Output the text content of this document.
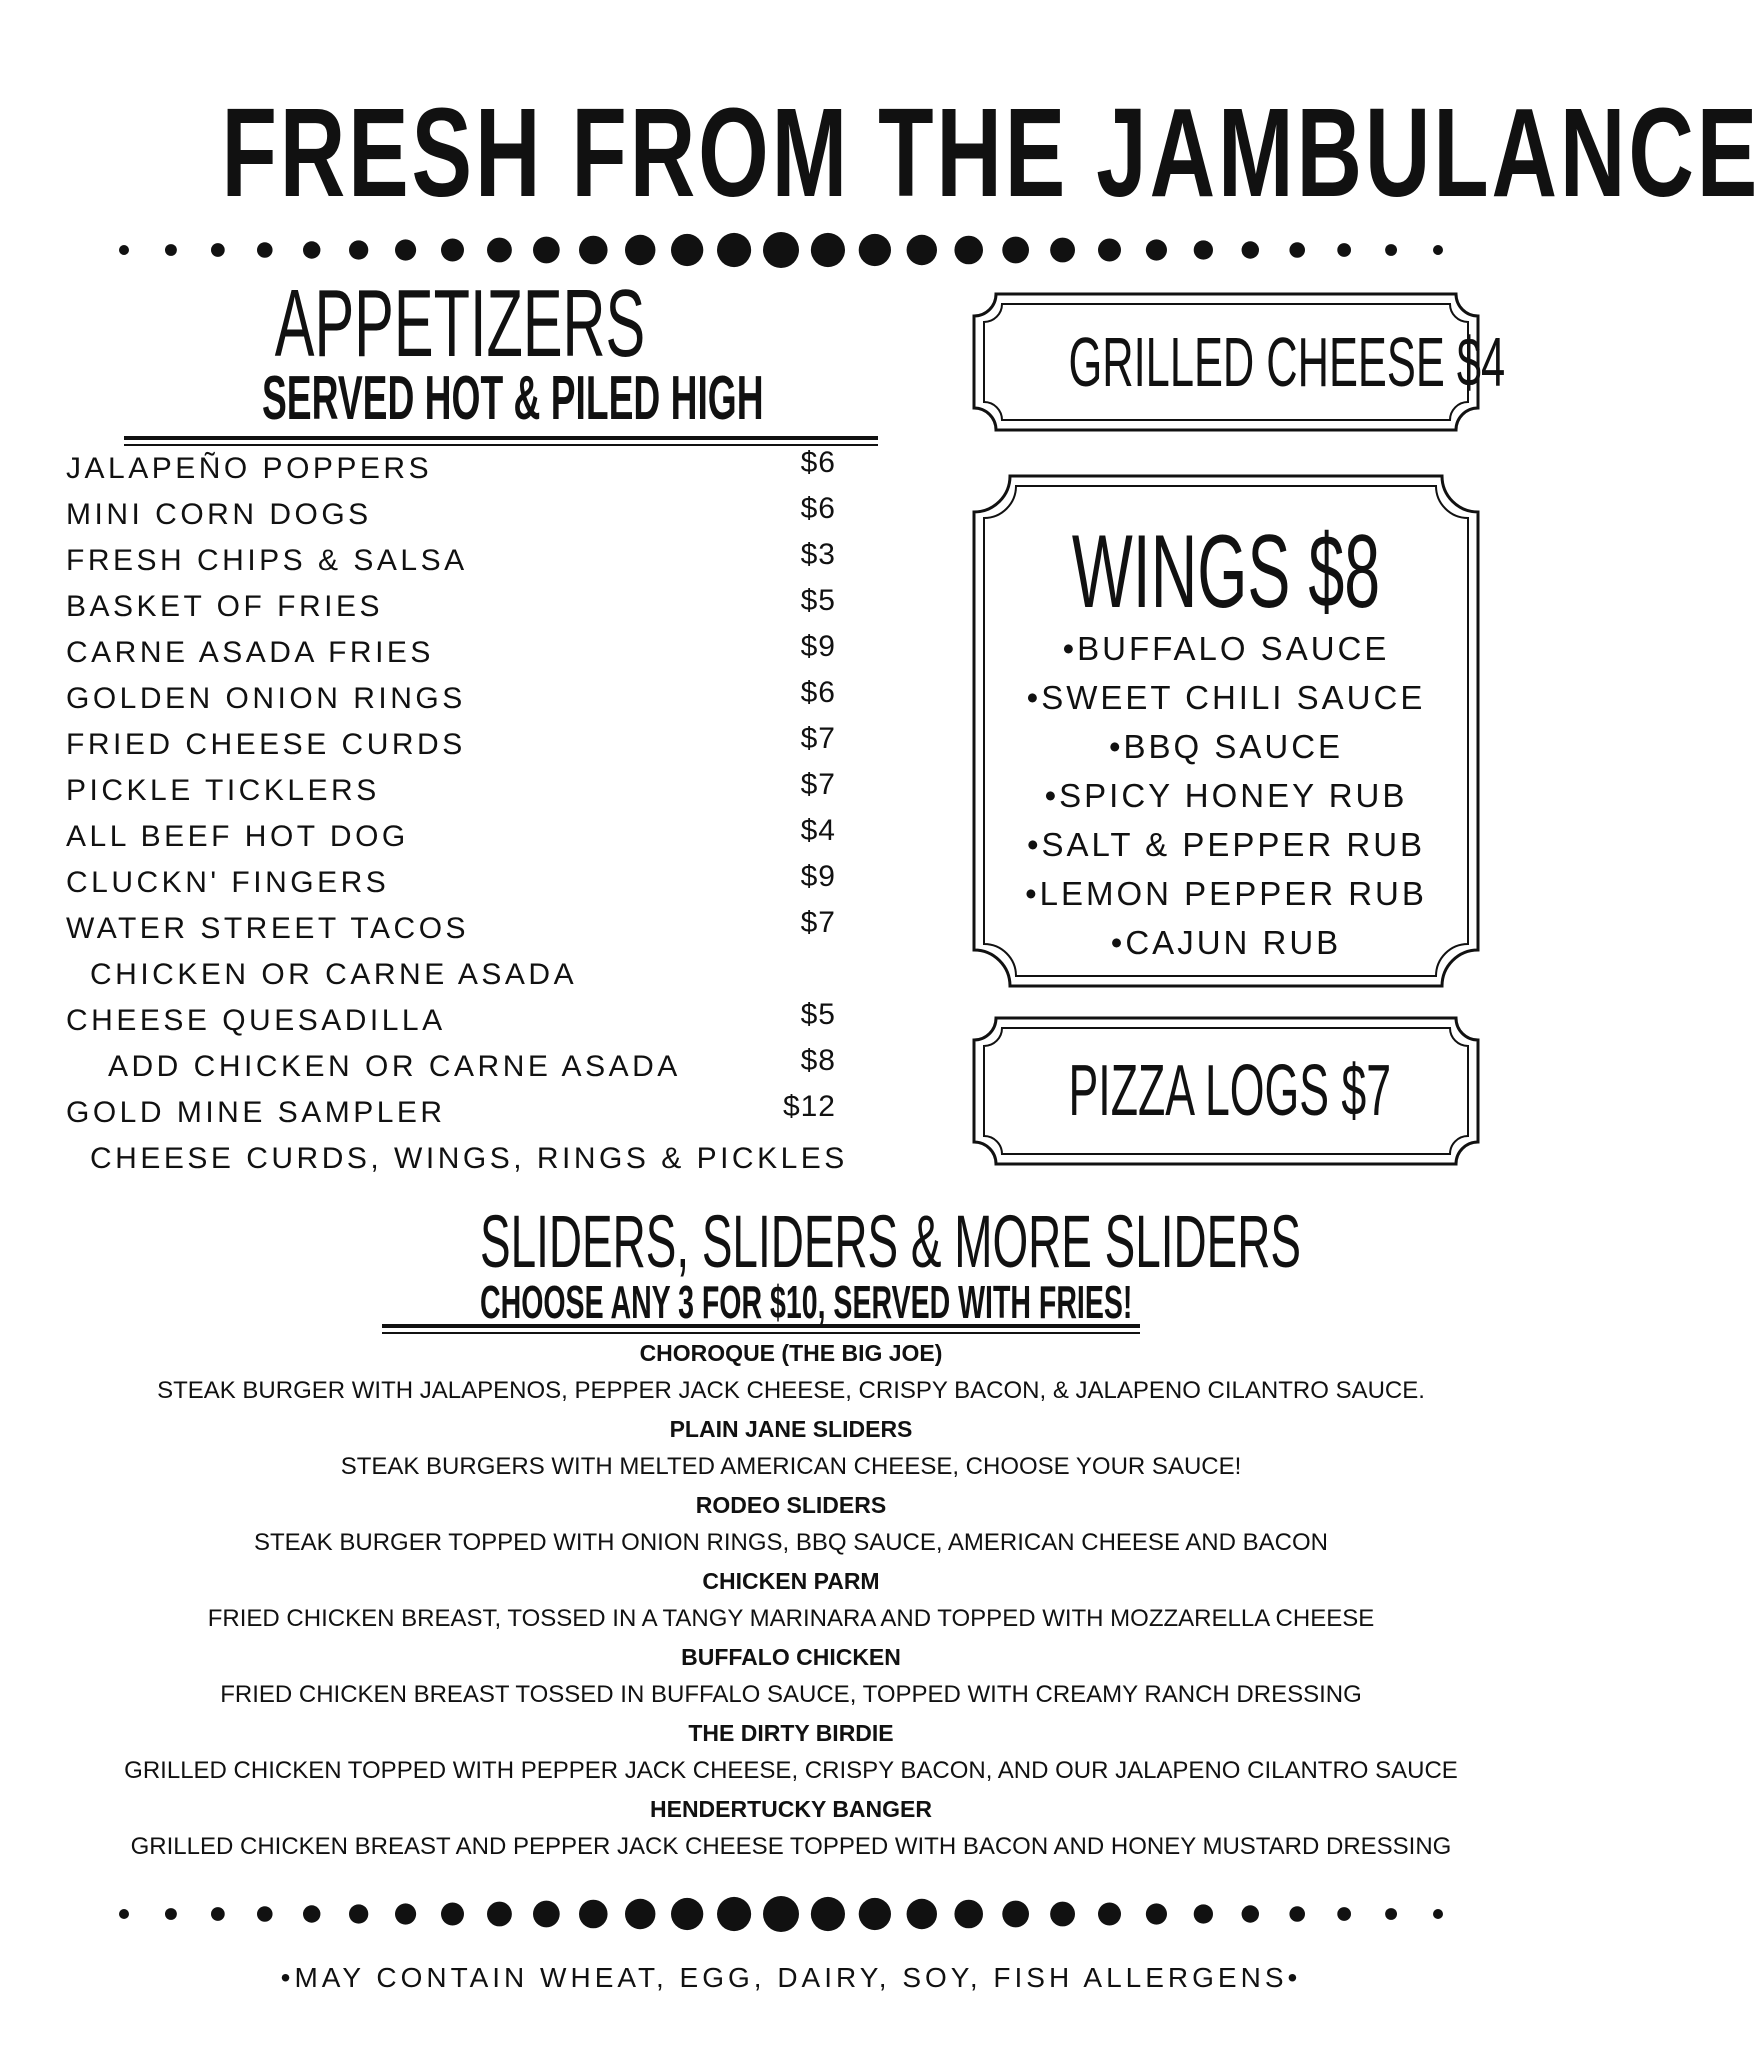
FRESH FROM THE JAMBULANCE
APPETIZERS
SERVED HOT & PILED HIGH
JALAPEÑO POPPERS	$6
MINI CORN DOGS	$6
FRESH CHIPS & SALSA	$3
BASKET OF FRIES	$5
CARNE ASADA FRIES	$9
GOLDEN ONION RINGS	$6
FRIED CHEESE CURDS	$7
PICKLE TICKLERS	$7
ALL BEEF HOT DOG	$4
CLUCKN' FINGERS	$9
WATER STREET TACOS	$7
CHICKEN OR CARNE ASADA
CHEESE QUESADILLA	$5
ADD CHICKEN OR CARNE ASADA	$8
GOLD MINE SAMPLER	$12
CHEESE CURDS, WINGS, RINGS & PICKLES
GRILLED CHEESE $4
WINGS $8
•BUFFALO SAUCE
•SWEET CHILI SAUCE
•BBQ SAUCE
•SPICY HONEY RUB
•SALT & PEPPER RUB
•LEMON PEPPER RUB
•CAJUN RUB
PIZZA LOGS $7
SLIDERS, SLIDERS & MORE SLIDERS
CHOOSE ANY 3 FOR $10, SERVED WITH FRIES!
CHOROQUE (THE BIG JOE)
STEAK BURGER WITH JALAPENOS, PEPPER JACK CHEESE, CRISPY BACON, & JALAPENO CILANTRO SAUCE.
PLAIN JANE SLIDERS
STEAK BURGERS WITH MELTED AMERICAN CHEESE, CHOOSE YOUR SAUCE!
RODEO SLIDERS
STEAK BURGER TOPPED WITH ONION RINGS, BBQ SAUCE, AMERICAN CHEESE AND BACON
CHICKEN PARM
FRIED CHICKEN BREAST, TOSSED IN A TANGY MARINARA AND TOPPED WITH MOZZARELLA CHEESE
BUFFALO CHICKEN
FRIED CHICKEN BREAST TOSSED IN BUFFALO SAUCE, TOPPED WITH CREAMY RANCH DRESSING
THE DIRTY BIRDIE
GRILLED CHICKEN TOPPED WITH PEPPER JACK CHEESE, CRISPY BACON, AND OUR JALAPENO CILANTRO SAUCE
HENDERTUCKY BANGER
GRILLED CHICKEN BREAST AND PEPPER JACK CHEESE TOPPED WITH BACON AND HONEY MUSTARD DRESSING
•MAY CONTAIN WHEAT, EGG, DAIRY, SOY, FISH ALLERGENS•
